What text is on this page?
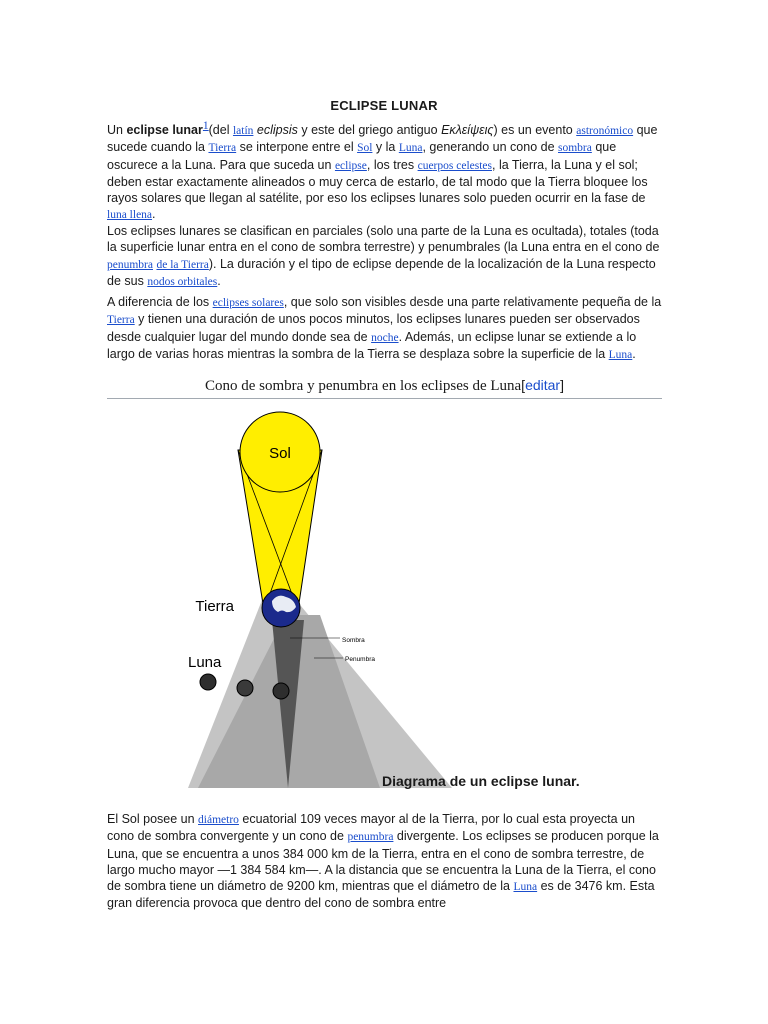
ECLIPSE LUNAR
Un eclipse lunar$^1$(del latín eclipsis y este del griego antiguo Εκλείψεις) es un evento astronómico que sucede cuando la Tierra se interpone entre el Sol y la Luna, generando un cono de sombra que oscurece a la Luna. Para que suceda un eclipse, los tres cuerpos celestes, la Tierra, la Luna y el sol; deben estar exactamente alineados o muy cerca de estarlo, de tal modo que la Tierra bloquee los rayos solares que llegan al satélite, por eso los eclipses lunares solo pueden ocurrir en la fase de luna llena.
Los eclipses lunares se clasifican en parciales (solo una parte de la Luna es ocultada), totales (toda la superficie lunar entra en el cono de sombra terrestre) y penumbrales (la Luna entra en el cono de penumbra de la Tierra). La duración y el tipo de eclipse depende de la localización de la Luna respecto de sus nodos orbitales.
A diferencia de los eclipses solares, que solo son visibles desde una parte relativamente pequeña de la Tierra y tienen una duración de unos pocos minutos, los eclipses lunares pueden ser observados desde cualquier lugar del mundo donde sea de noche. Además, un eclipse lunar se extiende a lo largo de varias horas mientras la sombra de la Tierra se desplaza sobre la superficie de la Luna.
Cono de sombra y penumbra en los eclipses de Luna[editar]
Sol
Tierra
Sombra
Penumbra
Luna
Diagrama de un eclipse lunar.
El Sol posee un diámetro ecuatorial 109 veces mayor al de la Tierra, por lo cual esta proyecta un cono de sombra convergente y un cono de penumbra divergente. Los eclipses se producen porque la Luna, que se encuentra a unos 384 000 km de la Tierra, entra en el cono de sombra terrestre, de largo mucho mayor —1 384 584 km—. A la distancia que se encuentra la Luna de la Tierra, el cono de sombra tiene un diámetro de 9200 km, mientras que el diámetro de la Luna es de 3476 km. Esta gran diferencia provoca que dentro del cono de sombra entre
